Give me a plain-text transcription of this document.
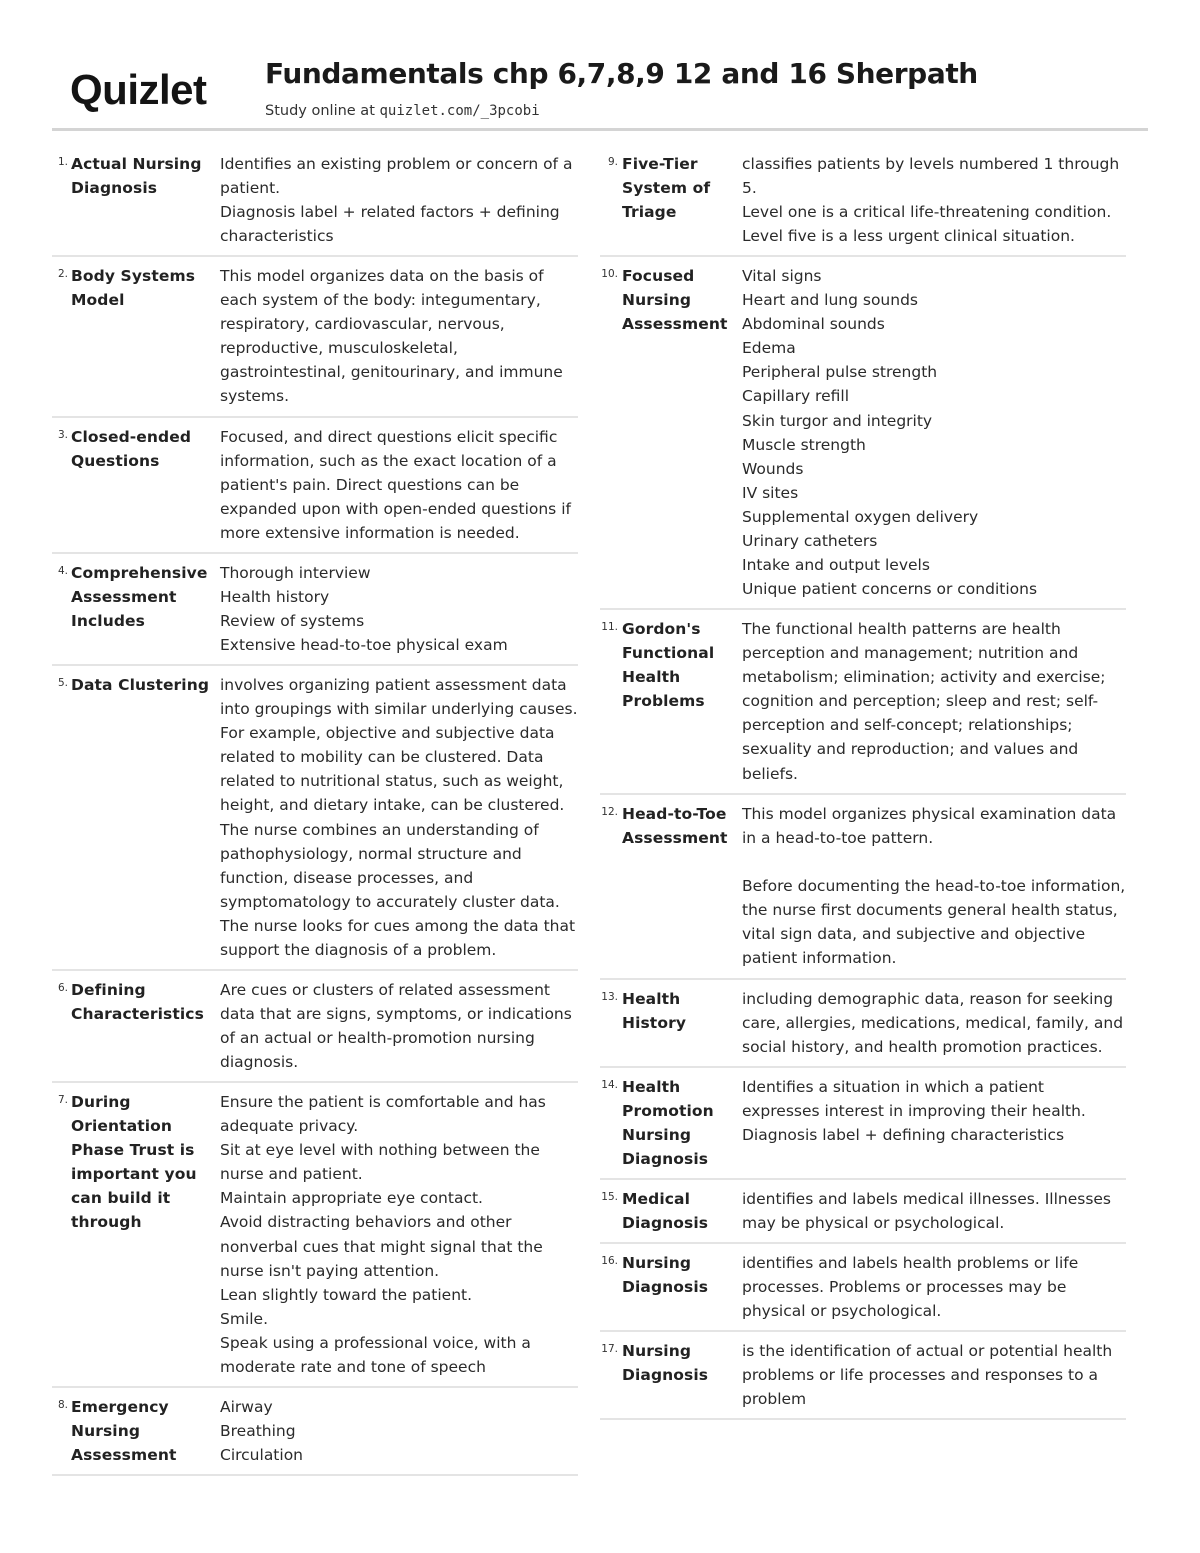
Quizlet Fundamentals chp 6,7,8,9 12 and 16 Sherpath
Study online at quizlet.com/_3pcobi
1. Actual Nursing Diagnosis
Identifies an existing problem or concern of a patient.
Diagnosis label + related factors + defining characteristics
2. Body Systems Model
This model organizes data on the basis of each system of the body: integumentary, respiratory, cardiovascular, nervous, reproductive, musculoskeletal, gastrointestinal, genitourinary, and immune systems.
3. Closed-ended Questions
Focused, and direct questions elicit specific information, such as the exact location of a patient's pain. Direct questions can be expanded upon with open-ended questions if more extensive information is needed.
4. Comprehensive Assessment Includes
Thorough interview
Health history
Review of systems
Extensive head-to-toe physical exam
5. Data Clustering involves organizing patient assessment data into groupings with similar underlying causes. For example, objective and subjective data related to mobility can be clustered. Data related to nutritional status, such as weight, height, and dietary intake, can be clustered. The nurse combines an understanding of pathophysiology, normal structure and function, disease processes, and symptomatology to accurately cluster data. The nurse looks for cues among the data that support the diagnosis of a problem.
6. Defining Characteristics
Are cues or clusters of related assessment data that are signs, symptoms, or indications of an actual or health-promotion nursing diagnosis.
7. During Orientation Phase Trust is important you can build it through
Ensure the patient is comfortable and has adequate privacy.
Sit at eye level with nothing between the nurse and patient.
Maintain appropriate eye contact.
Avoid distracting behaviors and other nonverbal cues that might signal that the nurse isn't paying attention.
Lean slightly toward the patient.
Smile.
Speak using a professional voice, with a moderate rate and tone of speech
8. Emergency Nursing Assessment
Airway
Breathing
Circulation
9. Five-Tier System of Triage
classifies patients by levels numbered 1 through 5.
Level one is a critical life-threatening condition.
Level five is a less urgent clinical situation.
10. Focused Nursing Assessment
Vital signs
Heart and lung sounds
Abdominal sounds
Edema
Peripheral pulse strength
Capillary refill
Skin turgor and integrity
Muscle strength
Wounds
IV sites
Supplemental oxygen delivery
Urinary catheters
Intake and output levels
Unique patient concerns or conditions
11. Gordon's Functional Health Problems
The functional health patterns are health perception and management; nutrition and metabolism; elimination; activity and exercise; cognition and perception; sleep and rest; self-perception and self-concept; relationships; sexuality and reproduction; and values and beliefs.
12. Head-to-Toe Assessment
This model organizes physical examination data in a head-to-toe pattern.
Before documenting the head-to-toe information, the nurse first documents general health status, vital sign data, and subjective and objective patient information.
13. Health History
including demographic data, reason for seeking care, allergies, medications, medical, family, and social history, and health promotion practices.
14. Health Promotion Nursing Diagnosis
Identifies a situation in which a patient expresses interest in improving their health.
Diagnosis label + defining characteristics
15. Medical Diagnosis
identifies and labels medical illnesses. Illnesses may be physical or psychological.
16. Nursing Diagnosis
identifies and labels health problems or life processes. Problems or processes may be physical or psychological.
17. Nursing Diagnosis
is the identification of actual or potential health problems or life processes and responses to a problem
